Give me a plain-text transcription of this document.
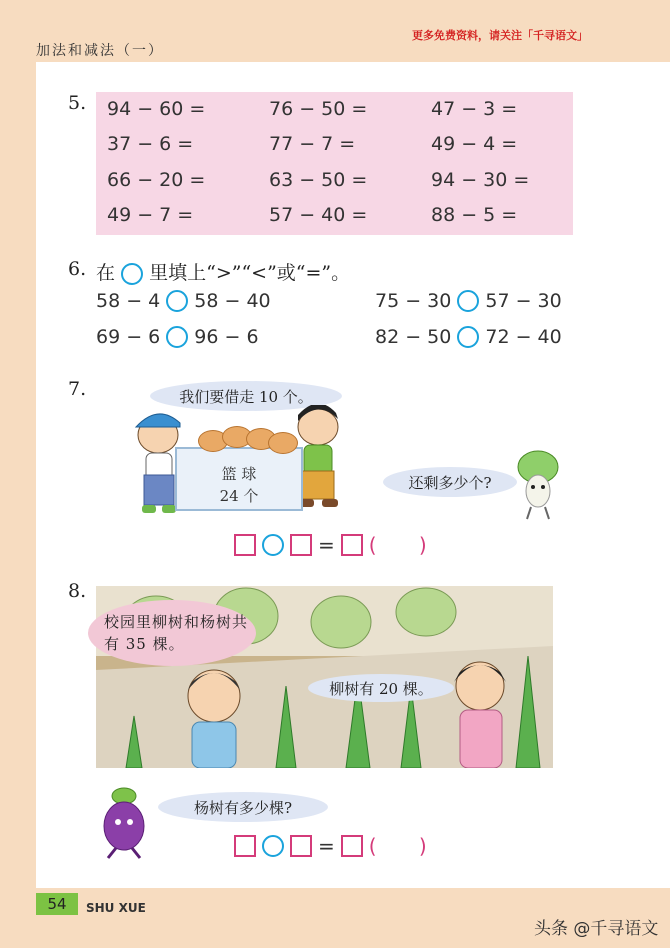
加法和减法（一）
更多免费资料，请关注「千寻语文」
5. 94 − 60 =	76 − 50 =	47 − 3 =
37 − 6 =	77 − 7 =	49 − 4 =
66 − 20 =	63 − 50 =	94 − 30 =
49 − 7 =	57 − 40 =	88 − 5 =
6. 在 里填上“>”“<”或“=”。
58 − 4 58 − 40	75 − 30 57 − 30
69 − 6 96 − 6	82 − 50 72 − 40
7.	我们要借走 10 个。
篮 球
24 个
还剩多少个?
= ( )
8.
校园里柳树和杨树共有 35 棵。
柳树有 20 棵。
杨树有多少棵?
= ( )
54	SHU XUE
头条 @千寻语文
